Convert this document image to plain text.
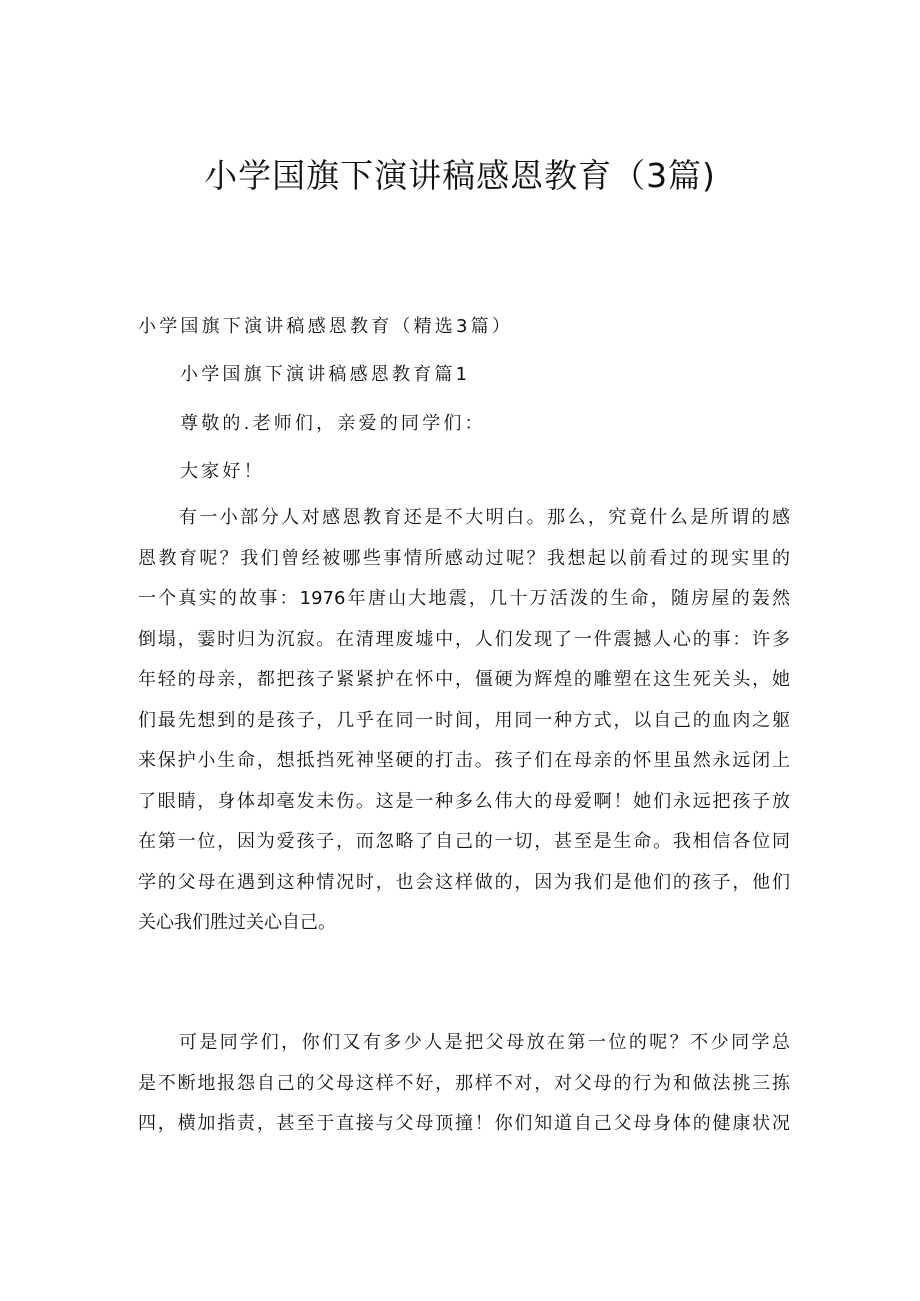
小学国旗下演讲稿感恩教育（3篇)
小学国旗下演讲稿感恩教育（精选3篇）
小学国旗下演讲稿感恩教育篇1
尊敬的.老师们，亲爱的同学们：
大家好！
　　有一小部分人对感恩教育还是不大明白。那么，究竟什么是所谓的感
恩教育呢？我们曾经被哪些事情所感动过呢？我想起以前看过的现实里的
一个真实的故事：1976年唐山大地震，几十万活泼的生命，随房屋的轰然
倒塌，霎时归为沉寂。在清理废墟中，人们发现了一件震撼人心的事：许多
年轻的母亲，都把孩子紧紧护在怀中，僵硬为辉煌的雕塑在这生死关头，她
们最先想到的是孩子，几乎在同一时间，用同一种方式，以自己的血肉之躯
来保护小生命，想抵挡死神坚硬的打击。孩子们在母亲的怀里虽然永远闭上
了眼睛，身体却毫发未伤。这是一种多么伟大的母爱啊！她们永远把孩子放
在第一位，因为爱孩子，而忽略了自己的一切，甚至是生命。我相信各位同
学的父母在遇到这种情况时，也会这样做的，因为我们是他们的孩子，他们
关心我们胜过关心自己。
　　可是同学们，你们又有多少人是把父母放在第一位的呢？不少同学总
是不断地报怨自己的父母这样不好，那样不对，对父母的行为和做法挑三拣
四，横加指责，甚至于直接与父母顶撞！你们知道自己父母身体的健康状况
